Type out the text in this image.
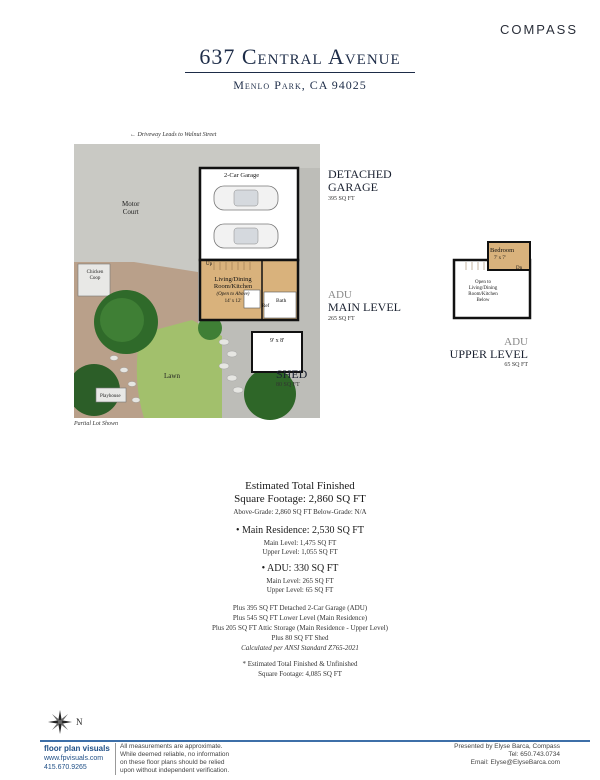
COMPASS
637 Central Avenue
Menlo Park, CA 94025
← Driveway Leads to Walnut Street
Motor
Court
Chicken
Coop
Lawn
Playhouse
2-Car Garage
Living/Dining
Room/Kitchen
(Open to Above)
14' x 12'
Up
Bath
Ref
9' x 8'
Partial Lot Shown
DETACHED
GARAGE
395 SQ FT
ADU
MAIN LEVEL
265 SQ FT
SHED
80 SQ FT
Bedroom
7' x 7'
Dn
Open to
Living/Dining
Room/Kitchen
Below
ADU
UPPER LEVEL
65 SQ FT
Estimated Total Finished
Square Footage: 2,860 SQ FT
Above-Grade: 2,860 SQ FT Below-Grade: N/A
• Main Residence: 2,530 SQ FT
Main Level: 1,475 SQ FT
Upper Level: 1,055 SQ FT
• ADU: 330 SQ FT
Main Level: 265 SQ FT
Upper Level: 65 SQ FT
Plus 395 SQ FT Detached 2-Car Garage (ADU)
Plus 545 SQ FT Lower Level (Main Residence)
Plus 205 SQ FT Attic Storage (Main Residence - Upper Level)
Plus 80 SQ FT Shed
Calculated per ANSI Standard Z765-2021
* Estimated Total Finished & Unfinished
Square Footage: 4,085 SQ FT
N
floor plan visuals
www.fpvisuals.com
415.670.9265
All measurements are approximate.
While deemed reliable, no information
on these floor plans should be relied
upon without independent verification.
Presented by Elyse Barca, Compass
Tel: 650.743.0734
Email: Elyse@ElyseBarca.com
